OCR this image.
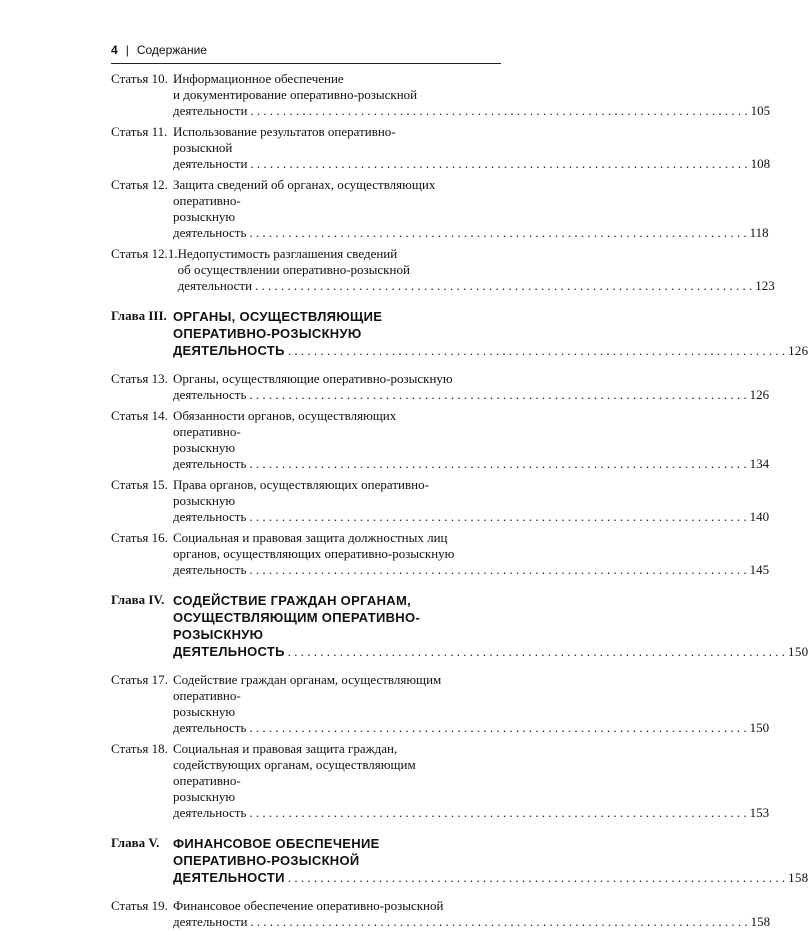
4 | Содержание
Статья 10. Информационное обеспечение
и документирование оперативно-розыскной
деятельности . . .	105
Статья 11. Использование результатов оперативно-
розыскной деятельности . . .	108
Статья 12. Защита сведений об органах, осуществляющих
оперативно-розыскную деятельность . . .	118
Статья 12.1. Недопустимость разглашения сведений
об осуществлении оперативно-розыскной
деятельности . . .	123
Глава III. ОРГАНЫ, ОСУЩЕСТВЛЯЮЩИЕ
ОПЕРАТИВНО-РОЗЫСКНУЮ
ДЕЯТЕЛЬНОСТЬ . . .	126
Статья 13. Органы, осуществляющие оперативно-розыскную
деятельность . . .	126
Статья 14. Обязанности органов, осуществляющих
оперативно-розыскную деятельность . . .	134
Статья 15. Права органов, осуществляющих оперативно-
розыскную деятельность . . .	140
Статья 16. Социальная и правовая защита должностных лиц
органов, осуществляющих оперативно-розыскную
деятельность . . .	145
Глава IV. СОДЕЙСТВИЕ ГРАЖДАН ОРГАНАМ,
ОСУЩЕСТВЛЯЮЩИМ ОПЕРАТИВНО-
РОЗЫСКНУЮ ДЕЯТЕЛЬНОСТЬ . . .	150
Статья 17. Содействие граждан органам, осуществляющим
оперативно-розыскную деятельность . . .	150
Статья 18. Социальная и правовая защита граждан,
содействующих органам, осуществляющим
оперативно-розыскную деятельность . . .	153
Глава V.	ФИНАНСОВОЕ ОБЕСПЕЧЕНИЕ
ОПЕРАТИВНО-РОЗЫСКНОЙ
ДЕЯТЕЛЬНОСТИ . . .	158
Статья 19. Финансовое обеспечение оперативно-розыскной
деятельности . . .	158
